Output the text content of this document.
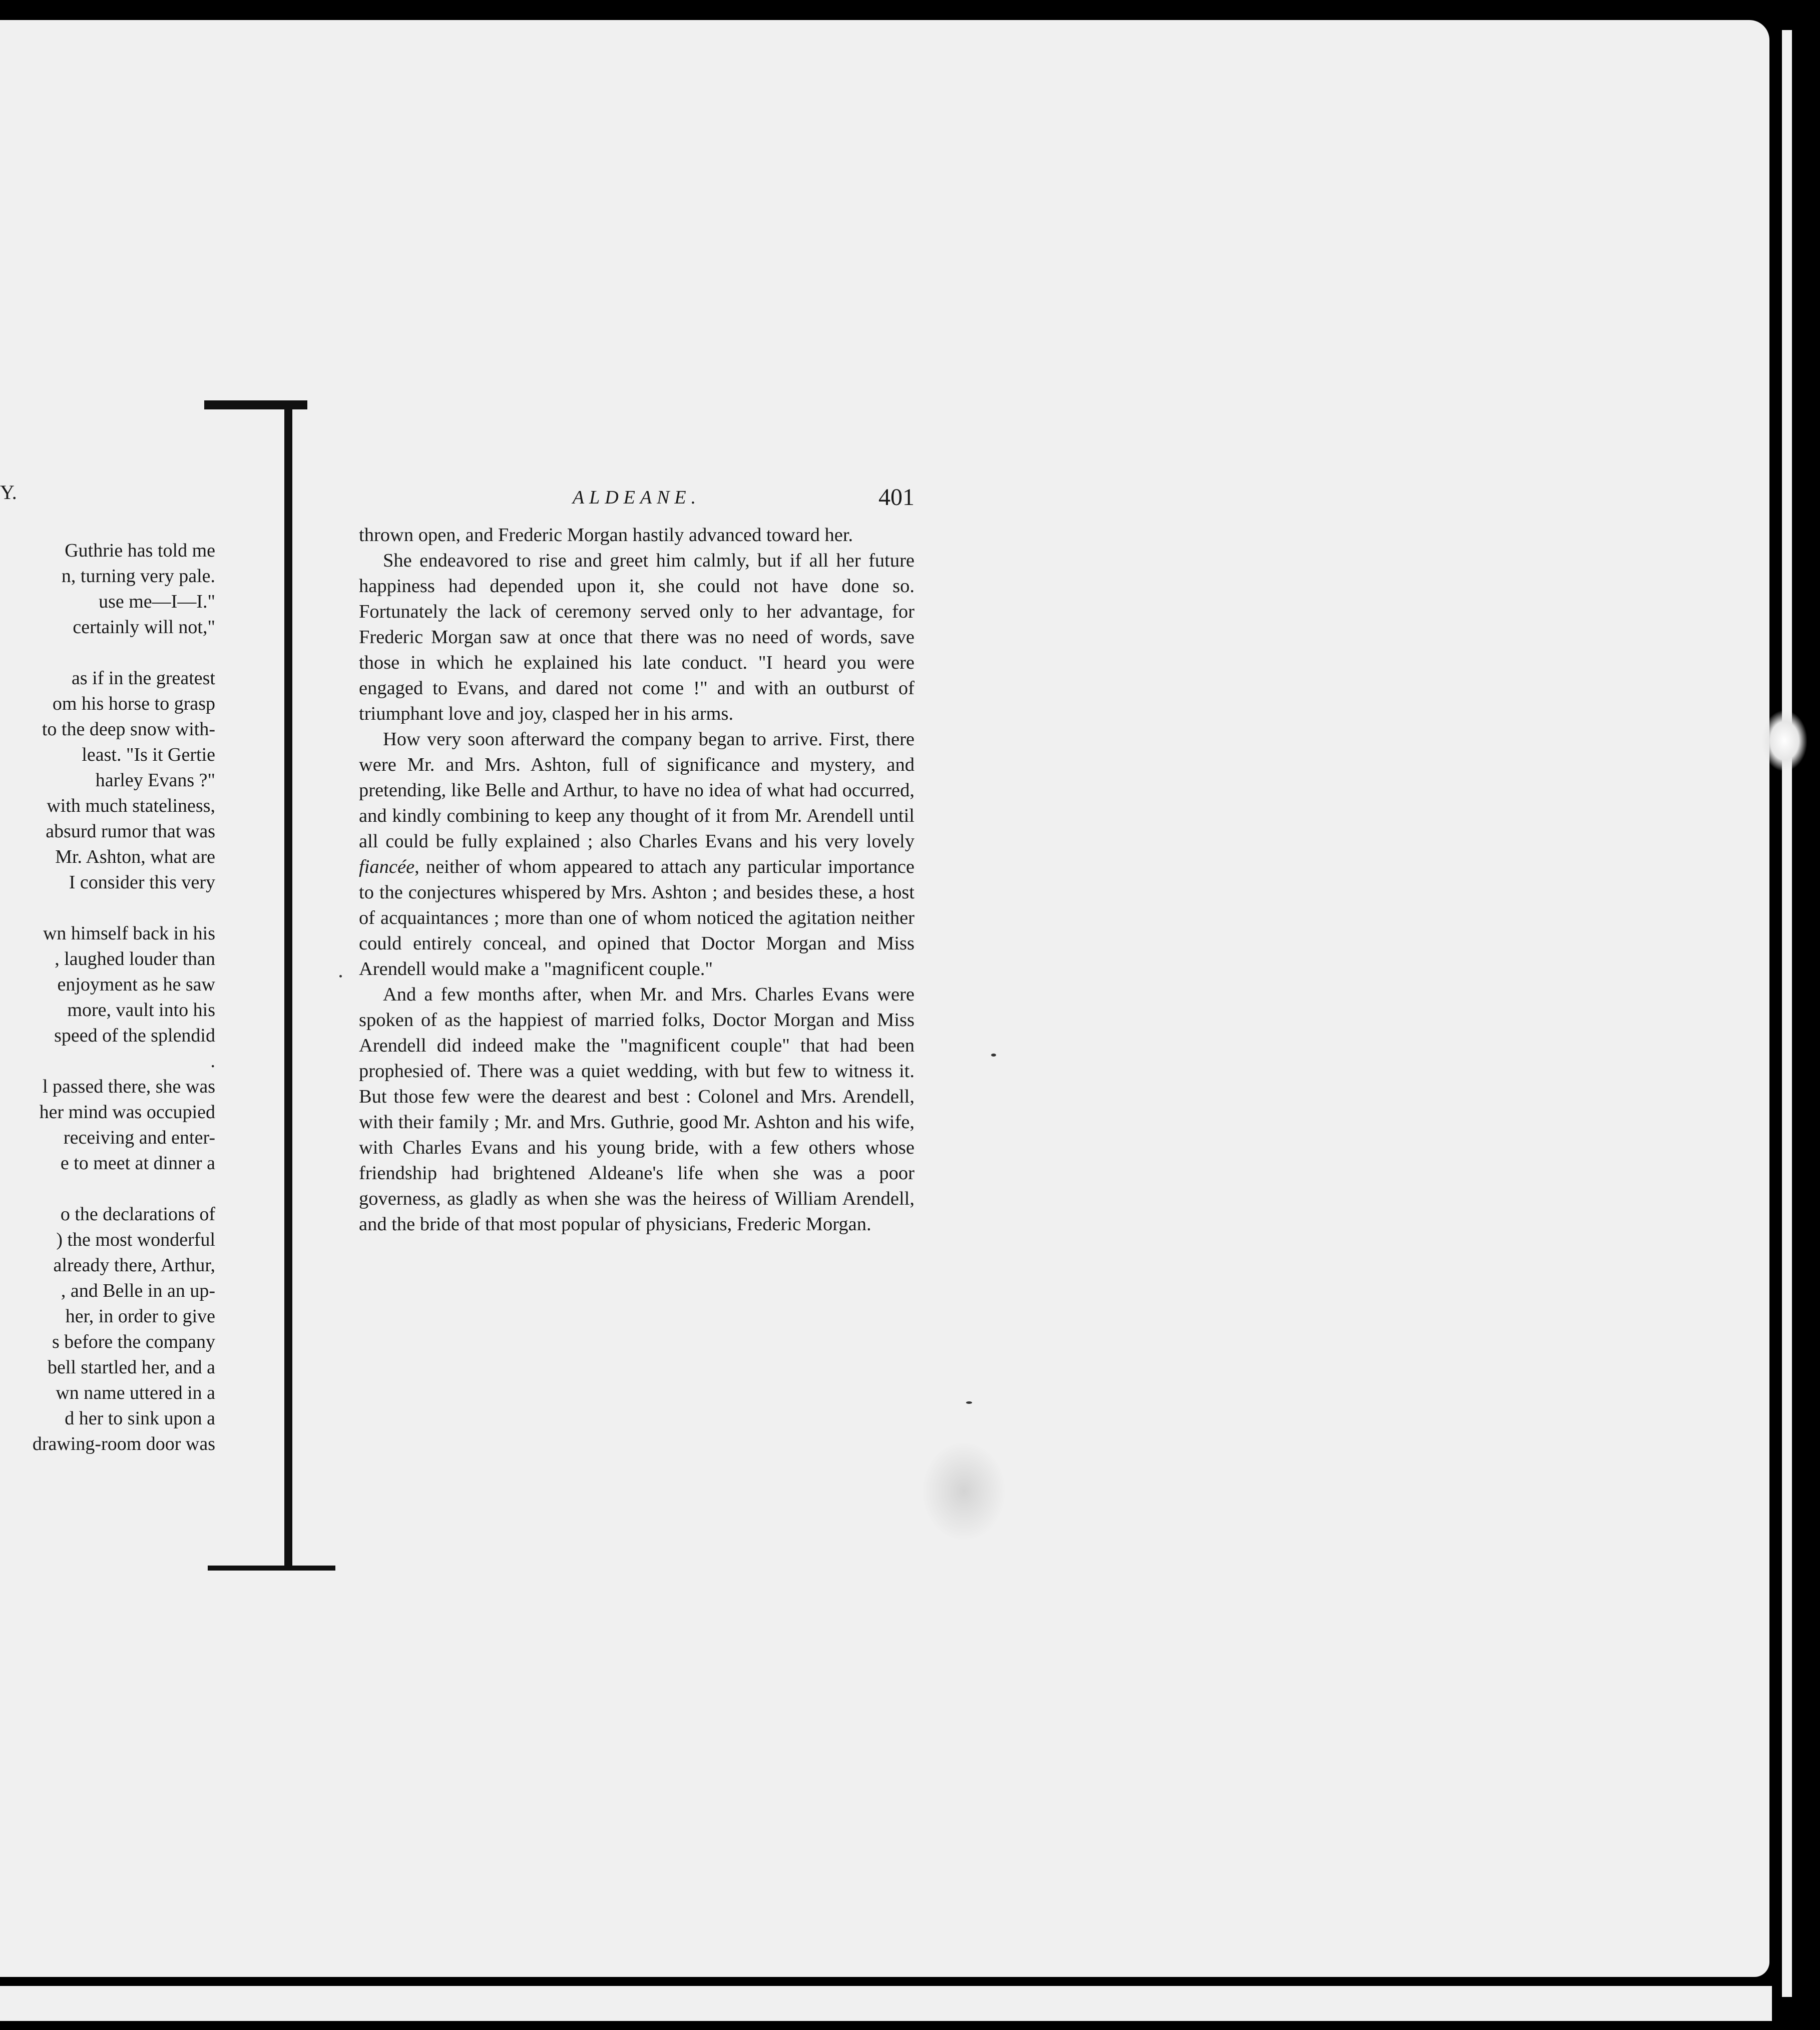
Y.
Guthrie has told me
n, turning very pale.
use me—I—I."
certainly will not,"
as if in the greatest
om his horse to grasp
to the deep snow with-
least. "Is it Gertie
harley Evans ?"
with much stateliness,
absurd rumor that was
Mr. Ashton, what are
I consider this very
wn himself back in his
, laughed louder than
enjoyment as he saw
more, vault into his
speed of the splendid
.
l passed there, she was
her mind was occupied
receiving and enter-
e to meet at dinner a
o the declarations of
) the most wonderful
already there, Arthur,
, and Belle in an up-
her, in order to give
s before the company
bell startled her, and a
wn name uttered in a
d her to sink upon a
drawing-room door was
ALDEANE.	401

thrown open, and Frederic Morgan hastily advanced toward her.

She endeavored to rise and greet him calmly, but if all her future happiness had depended upon it, she could not have done so. Fortunately the lack of ceremony served only to her advantage, for Frederic Morgan saw at once that there was no need of words, save those in which he explained his late conduct. "I heard you were engaged to Evans, and dared not come !" and with an outburst of triumphant love and joy, clasped her in his arms.

How very soon afterward the company began to arrive. First, there were Mr. and Mrs. Ashton, full of significance and mystery, and pretending, like Belle and Arthur, to have no idea of what had occurred, and kindly combining to keep any thought of it from Mr. Arendell until all could be fully explained ; also Charles Evans and his very lovely fiancée, neither of whom appeared to attach any particular importance to the conjectures whispered by Mrs. Ashton ; and besides these, a host of acquaintances ; more than one of whom noticed the agitation neither could entirely conceal, and opined that Doctor Morgan and Miss Arendell would make a "magnificent couple."

And a few months after, when Mr. and Mrs. Charles Evans were spoken of as the happiest of married folks, Doctor Morgan and Miss Arendell did indeed make the "magnificent couple" that had been prophesied of. There was a quiet wedding, with but few to witness it. But those few were the dearest and best : Colonel and Mrs. Arendell, with their family ; Mr. and Mrs. Guthrie, good Mr. Ashton and his wife, with Charles Evans and his young bride, with a few others whose friendship had brightened Aldeane's life when she was a poor governess, as gladly as when she was the heiress of William Arendell, and the bride of that most popular of physicians, Frederic Morgan.
